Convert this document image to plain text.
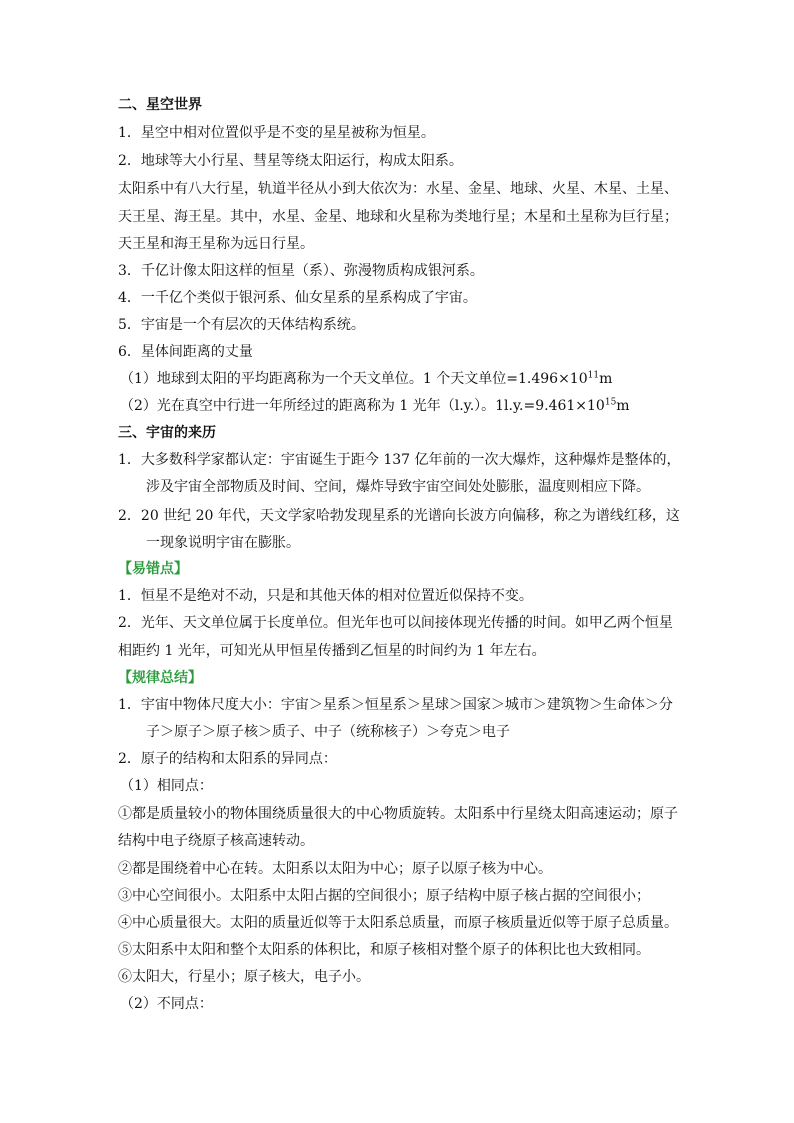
二、星空世界
1．星空中相对位置似乎是不变的星星被称为恒星。
2．地球等大小行星、彗星等绕太阳运行，构成太阳系。
太阳系中有八大行星，轨道半径从小到大依次为：水星、金星、地球、火星、木星、土星、
天王星、海王星。其中，水星、金星、地球和火星称为类地行星；木星和土星称为巨行星；
天王星和海王星称为远日行星。
3．千亿计像太阳这样的恒星（系）、弥漫物质构成银河系。
4．一千亿个类似于银河系、仙女星系的星系构成了宇宙。
5．宇宙是一个有层次的天体结构系统。
6．星体间距离的丈量
（1）地球到太阳的平均距离称为一个天文单位。1 个天文单位$=1.496\times 10^{11}m$
（2）光在真空中行进一年所经过的距离称为 1 光年（l.y.）。$1l.y.=9.461\times 10^{15}m$
三、宇宙的来历
1．大多数科学家都认定：宇宙诞生于距今 137 亿年前的一次大爆炸，这种爆炸是整体的，
涉及宇宙全部物质及时间、空间，爆炸导致宇宙空间处处膨胀，温度则相应下降。
2．20 世纪 20 年代，天文学家哈勃发现星系的光谱向长波方向偏移，称之为谱线红移，这
一现象说明宇宙在膨胀。
【易错点】
1．恒星不是绝对不动，只是和其他天体的相对位置近似保持不变。
2．光年、天文单位属于长度单位。但光年也可以间接体现光传播的时间。如甲乙两个恒星
相距约 1 光年，可知光从甲恒星传播到乙恒星的时间约为 1 年左右。
【规律总结】
1．宇宙中物体尺度大小：宇宙＞星系＞恒星系＞星球＞国家＞城市＞建筑物＞生命体＞分
子＞原子＞原子核＞质子、中子（统称核子）＞夸克＞电子
2．原子的结构和太阳系的异同点：
（1）相同点：
①都是质量较小的物体围绕质量很大的中心物质旋转。太阳系中行星绕太阳高速运动；原子
结构中电子绕原子核高速转动。
②都是围绕着中心在转。太阳系以太阳为中心；原子以原子核为中心。
③中心空间很小。太阳系中太阳占据的空间很小；原子结构中原子核占据的空间很小；
④中心质量很大。太阳的质量近似等于太阳系总质量，而原子核质量近似等于原子总质量。
⑤太阳系中太阳和整个太阳系的体积比，和原子核相对整个原子的体积比也大致相同。
⑥太阳大，行星小；原子核大，电子小。
（2）不同点：
